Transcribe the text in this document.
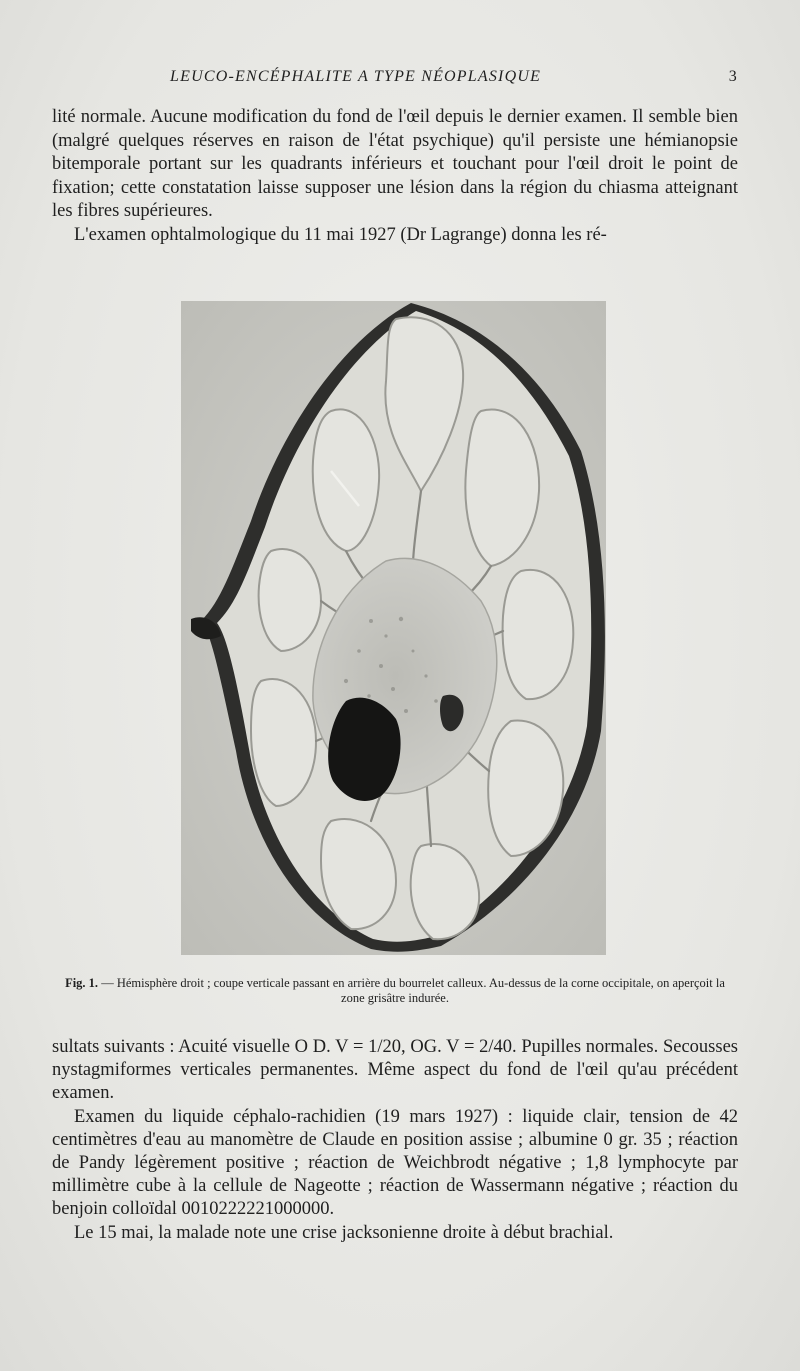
LEUCO-ENCÉPHALITE A TYPE NÉOPLASIQUE	3

lité normale. Aucune modification du fond de l'œil depuis le dernier examen. Il semble bien (malgré quelques réserves en raison de l'état psychique) qu'il persiste une hémianopsie bitemporale portant sur les quadrants inférieurs et touchant pour l'œil droit le point de fixation; cette constatation laisse supposer une lésion dans la région du chiasma atteignant les fibres supérieures.

L'examen ophtalmologique du 11 mai 1927 (Dr Lagrange) donna les ré-

Fig. 1. — Hémisphère droit ; coupe verticale passant en arrière du bourrelet calleux. Au-dessus de la corne occipitale, on aperçoit la zone grisâtre indurée.

sultats suivants : Acuité visuelle O D. V = 1/20, OG. V = 2/40. Pupilles normales. Secousses nystagmiformes verticales permanentes. Même aspect du fond de l'œil qu'au précédent examen.

Examen du liquide céphalo-rachidien (19 mars 1927) : liquide clair, tension de 42 centimètres d'eau au manomètre de Claude en position assise ; albumine 0 gr. 35 ; réaction de Pandy légèrement positive ; réaction de Weichbrodt négative ; 1,8 lymphocyte par millimètre cube à la cellule de Nageotte ; réaction de Wassermann négative ; réaction du benjoin colloïdal 0010222221000000.

Le 15 mai, la malade note une crise jacksonienne droite à début brachial.
